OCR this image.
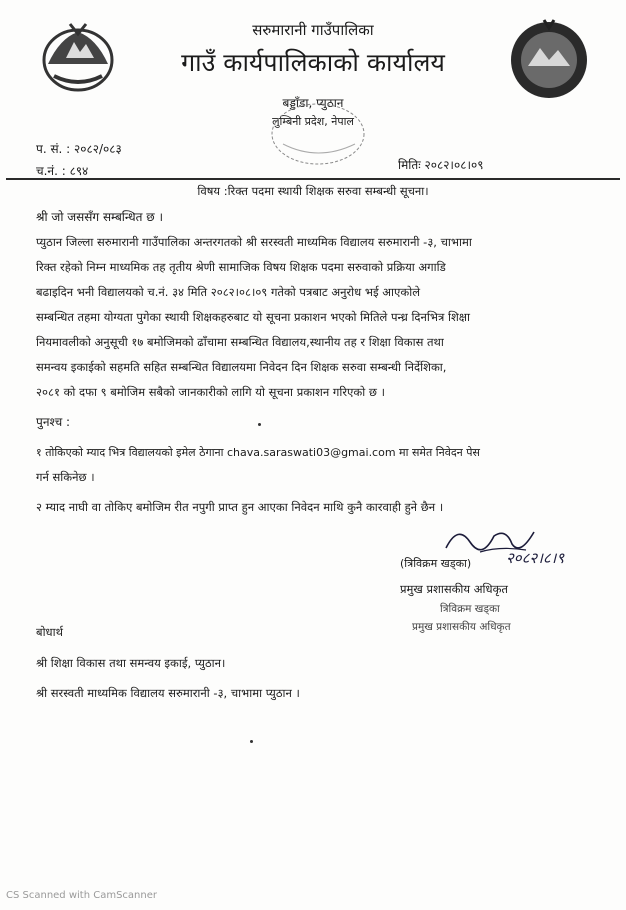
सरुमारानी गाउँपालिका
गाउँ कार्यपालिकाको कार्यालय
बड्डाँडा, प्युठान
लुम्बिनी प्रदेश, नेपाल
प. सं. : २०८२/०८३
च.नं. : ८९४	मितिः २०८२।०८।०९
विषय :रिक्त पदमा स्थायी शिक्षक सरुवा सम्बन्धी सूचना।
श्री जो जससँग सम्बन्धित छ ।
प्युठान जिल्ला सरुमारानी गाउँपालिका अन्तरगतको श्री सरस्वती माध्यमिक विद्यालय सरुमारानी -३, चाभामा
रिक्त रहेको निम्न माध्यमिक तह तृतीय श्रेणी सामाजिक विषय शिक्षक पदमा सरुवाको प्रक्रिया अगाडि
बढाइदिन भनी विद्यालयको च.नं. ३४ मिति २०८२।०८।०९ गतेको पत्रबाट अनुरोध भई आएकोले
सम्बन्धित तहमा योग्यता पुगेका स्थायी शिक्षकहरुबाट यो सूचना प्रकाशन भएको मितिले पन्ध्र दिनभित्र शिक्षा
नियमावलीको अनुसूची १७ बमोजिमको ढाँचामा सम्बन्धित विद्यालय,स्थानीय तह र शिक्षा विकास तथा
समन्वय इकाईको सहमति सहित सम्बन्धित विद्यालयमा निवेदन दिन शिक्षक सरुवा सम्बन्धी निर्देशिका,
२०८१ को दफा ९ बमोजिम सबैको जानकारीको लागि यो सूचना प्रकाशन गरिएको छ ।
पुनश्च :
१ तोकिएको म्याद भित्र विद्यालयको इमेल ठेगाना chava.saraswati03@gmai.com मा समेत निवेदन पेस
गर्न सकिनेछ ।
२ म्याद नाघी वा तोकिए बमोजिम रीत नपुगी प्राप्त हुन आएका निवेदन माथि कुनै कारवाही हुने छैन ।
(त्रिविक्रम खड्का) २०८२।८।९
प्रमुख प्रशासकीय अधिकृत
त्रिविक्रम खड्का
प्रमुख प्रशासकीय अधिकृत
बोधार्थ
श्री शिक्षा विकास तथा समन्वय इकाई, प्युठान।
श्री सरस्वती माध्यमिक विद्यालय सरुमारानी -३, चाभामा प्युठान ।
CS Scanned with CamScanner
